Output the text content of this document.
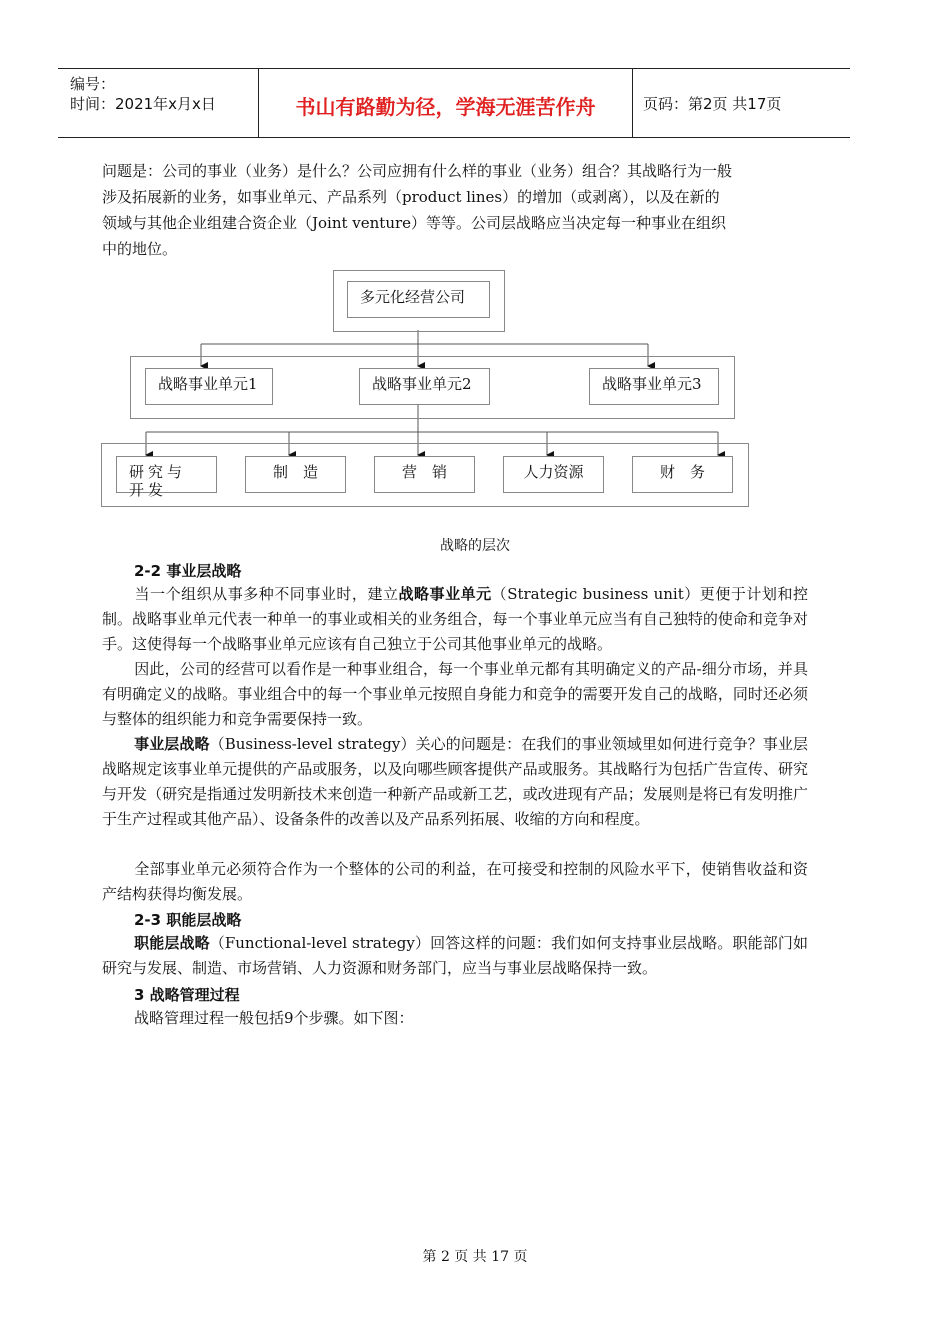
编号：
时间：2021年x月x日	书山有路勤为径，学海无涯苦作舟	页码：第2页 共17页
问题是：公司的事业（业务）是什么？公司应拥有什么样的事业（业务）组合？其战略行为一般
涉及拓展新的业务，如事业单元、产品系列（product lines）的增加（或剥离），以及在新的
领域与其他企业组建合资企业（Joint venture）等等。公司层战略应当决定每一种事业在组织
中的地位。
多元化经营公司
战略事业单元1	战略事业单元2	战略事业单元3
研究与开发
制　造	营　销	人力资源	财　务
战略的层次
2-2 事业层战略
当一个组织从事多种不同事业时，建立战略事业单元（Strategic business unit）更便于计划和控制。战略事业单元代表一种单一的事业或相关的业务组合，每一个事业单元应当有自己独特的使命和竞争对手。这使得每一个战略事业单元应该有自己独立于公司其他事业单元的战略。
因此，公司的经营可以看作是一种事业组合，每一个事业单元都有其明确定义的产品-细分市场，并具有明确定义的战略。事业组合中的每一个事业单元按照自身能力和竞争的需要开发自己的战略，同时还必须与整体的组织能力和竞争需要保持一致。
事业层战略（Business-level strategy）关心的问题是：在我们的事业领域里如何进行竞争？事业层战略规定该事业单元提供的产品或服务，以及向哪些顾客提供产品或服务。其战略行为包括广告宣传、研究与开发（研究是指通过发明新技术来创造一种新产品或新工艺，或改进现有产品；发展则是将已有发明推广于生产过程或其他产品）、设备条件的改善以及产品系列拓展、收缩的方向和程度。
全部事业单元必须符合作为一个整体的公司的利益，在可接受和控制的风险水平下，使销售收益和资产结构获得均衡发展。
2-3 职能层战略
职能层战略（Functional-level strategy）回答这样的问题：我们如何支持事业层战略。职能部门如研究与发展、制造、市场营销、人力资源和财务部门，应当与事业层战略保持一致。
3 战略管理过程
战略管理过程一般包括9个步骤。如下图：
第 2 页 共 17 页
